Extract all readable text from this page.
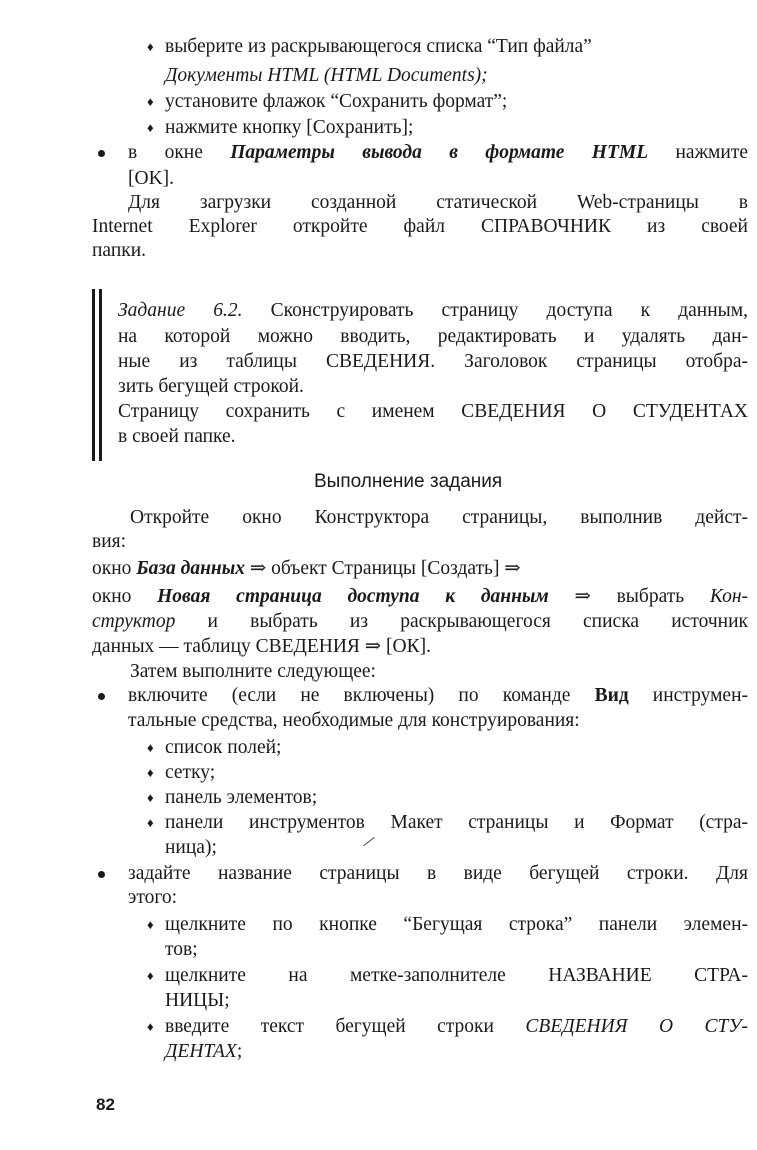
♦ выберите из раскрывающегося списка “Тип файла”
Документы HTML (HTML Documents);
♦ установите флажок “Сохранить формат”;
♦ нажмите кнопку [Сохранить];
в окне Параметры вывода в формате HTML нажмите
[OK].
Для загрузки созданной статической Web-страницы в
Internet Explorer откройте файл СПРАВОЧНИК из своей
папки.
Задание 6.2. Сконструировать страницу доступа к данным,
на которой можно вводить, редактировать и удалять дан-
ные из таблицы СВЕДЕНИЯ. Заголовок страницы отобра-
зить бегущей строкой.
Страницу сохранить с именем СВЕДЕНИЯ О СТУДЕНТАХ
в своей папке.
Выполнение задания
Откройте окно Конструктора страницы, выполнив дейст-
вия:
окно База данных ⇒ объект Страницы [Создать] ⇒
окно Новая страница доступа к данным ⇒ выбрать Кон-
структор и выбрать из раскрывающегося списка источник
данных — таблицу СВЕДЕНИЯ ⇒ [ОК].
Затем выполните следующее:
включите (если не включены) по команде Вид инструмен-
тальные средства, необходимые для конструирования:
♦ список полей;
♦ сетку;
♦ панель элементов;
♦ панели инструментов Макет страницы и Формат (стра-
ница);
задайте название страницы в виде бегущей строки. Для
этого:
♦ щелкните по кнопке “Бегущая строка” панели элемен-
тов;
♦ щелкните на метке-заполнителе НАЗВАНИЕ СТРА-
НИЦЫ;
♦ введите текст бегущей строки СВЕДЕНИЯ О СТУ-
ДЕНТАХ;
82
